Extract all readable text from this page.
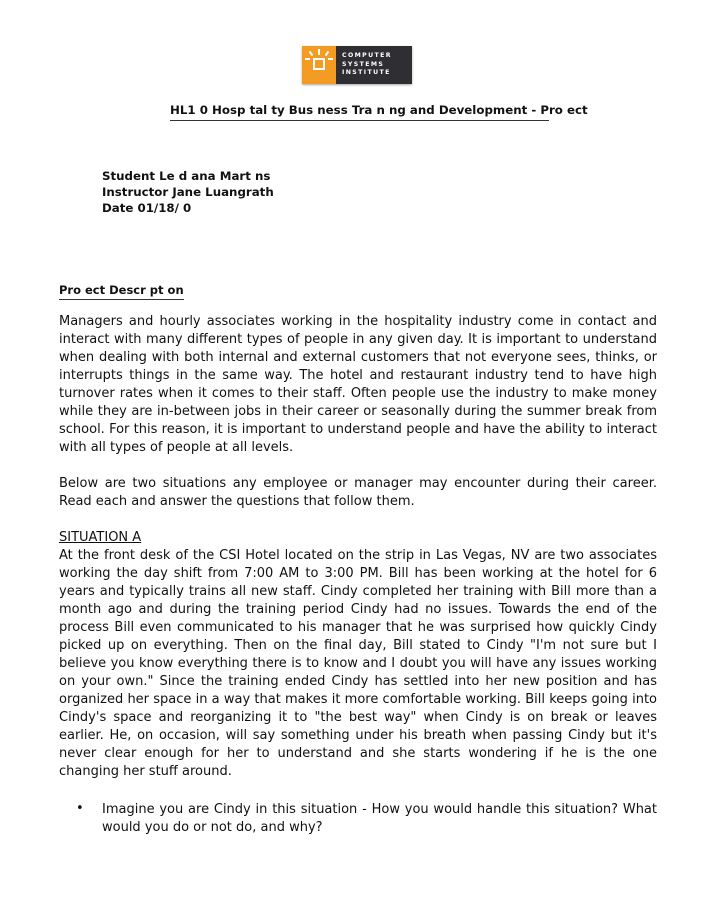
COMPUTER
SYSTEMS
INSTITUTE
HL1 0 Hosp tal ty Bus ness Tra n ng and Development - Pro ect
Student Le d ana Mart ns
Instructor Jane Luangrath
Date 01/18/ 0
Pro ect Descr pt on

Managers and hourly associates working in the hospitality industry come in contact and interact with many different types of people in any given day. It is important to understand when dealing with both internal and external customers that not everyone sees, thinks, or interrupts things in the same way. The hotel and restaurant industry tend to have high turnover rates when it comes to their staff. Often people use the industry to make money while they are in-between jobs in their career or seasonally during the summer break from school. For this reason, it is important to understand people and have the ability to interact with all types of people at all levels.

Below are two situations any employee or manager may encounter during their career. Read each and answer the questions that follow them.

SITUATION A

At the front desk of the CSI Hotel located on the strip in Las Vegas, NV are two associates working the day shift from 7:00 AM to 3:00 PM. Bill has been working at the hotel for 6 years and typically trains all new staff. Cindy completed her training with Bill more than a month ago and during the training period Cindy had no issues. Towards the end of the process Bill even communicated to his manager that he was surprised how quickly Cindy picked up on everything. Then on the final day, Bill stated to Cindy "I'm not sure but I believe you know everything there is to know and I doubt you will have any issues working on your own." Since the training ended Cindy has settled into her new position and has organized her space in a way that makes it more comfortable working. Bill keeps going into Cindy's space and reorganizing it to "the best way" when Cindy is on break or leaves earlier. He, on occasion, will say something under his breath when passing Cindy but it's never clear enough for her to understand and she starts wondering if he is the one changing her stuff around.

• Imagine you are Cindy in this situation - How you would handle this situation? What would you do or not do, and why?
